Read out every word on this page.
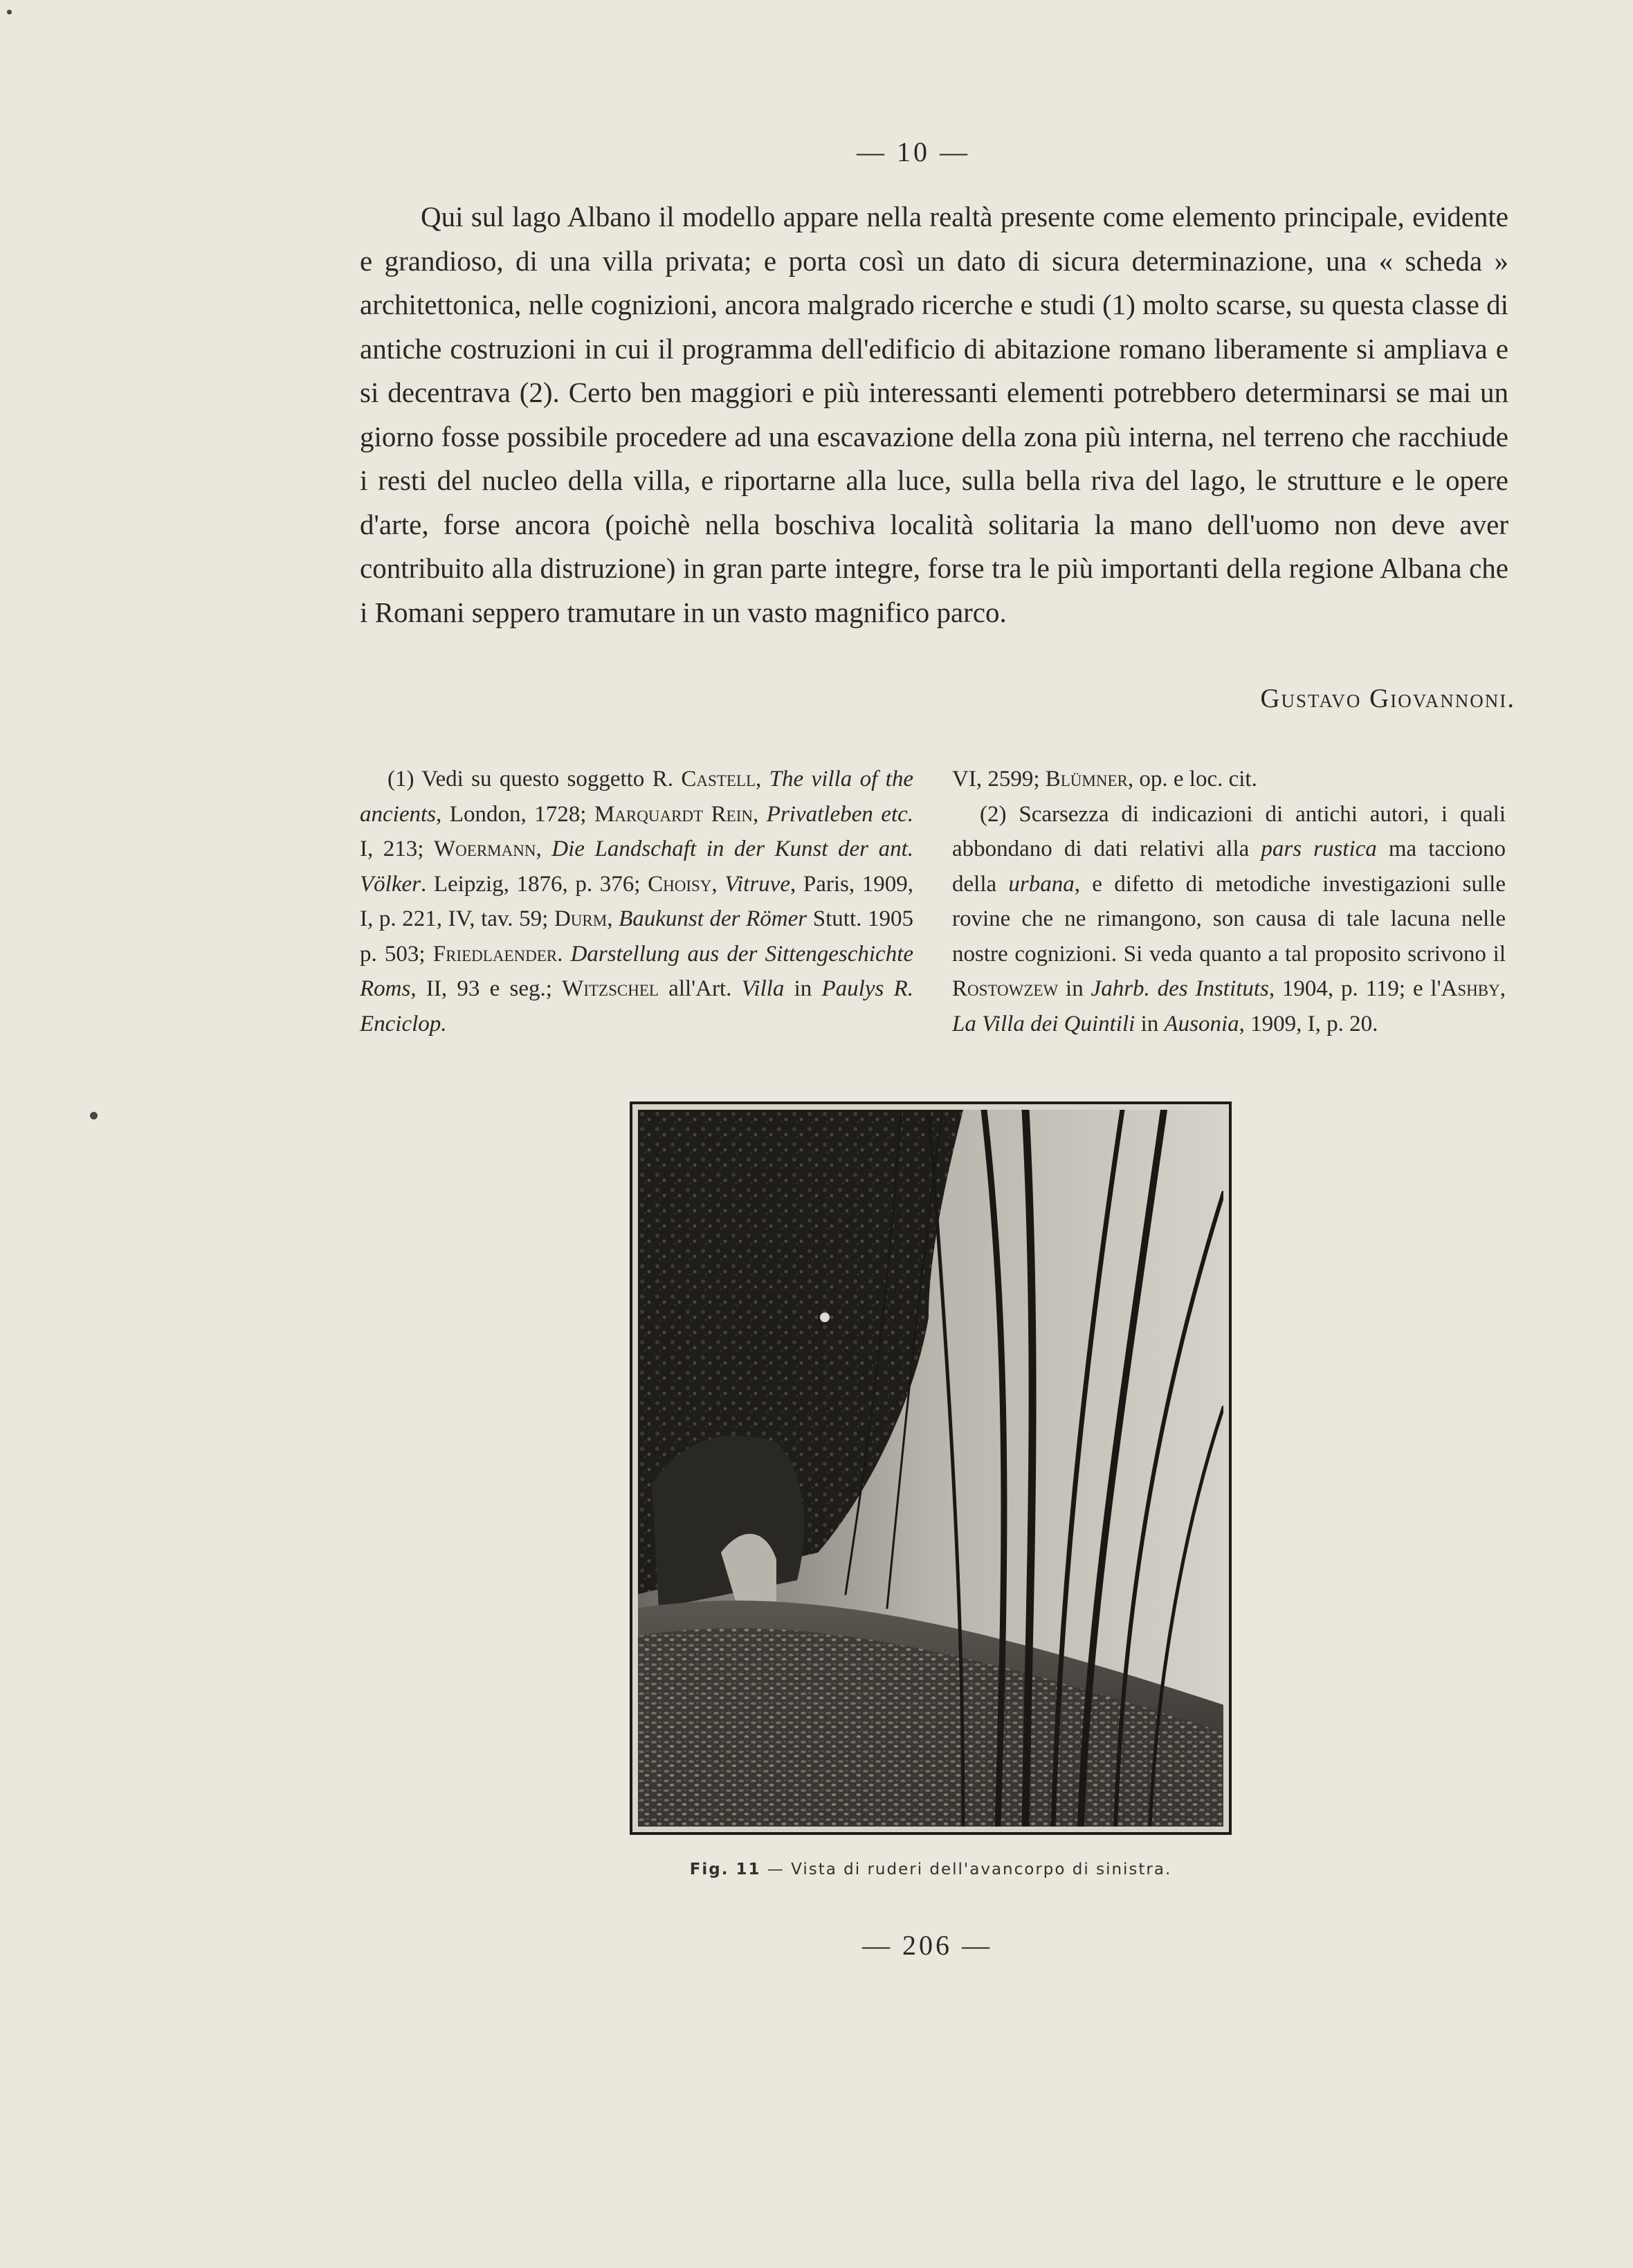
— 10 —

Qui sul lago Albano il modello appare nella realtà presente come elemento principale, evidente e grandioso, di una villa privata; e porta così un dato di sicura determinazione, una « scheda » architettonica, nelle cognizioni, ancora malgrado ricerche e studi (1) molto scarse, su questa classe di antiche costruzioni in cui il programma dell'edificio di abitazione romano liberamente si ampliava e si decentrava (2). Certo ben maggiori e più interessanti elementi potrebbero determinarsi se mai un giorno fosse possibile procedere ad una escavazione della zona più interna, nel terreno che racchiude i resti del nucleo della villa, e riportarne alla luce, sulla bella riva del lago, le strutture e le opere d'arte, forse ancora (poichè nella boschiva località solitaria la mano dell'uomo non deve aver contribuito alla distruzione) in gran parte integre, forse tra le più importanti della regione Albana che i Romani seppero tramutare in un vasto magnifico parco.

Gustavo Giovannoni.

(1) Vedi su questo soggetto R. Castell, The villa of the ancients, London, 1728; Marquardt Rein, Privatleben etc. I, 213; Woermann, Die Landschaft in der Kunst der ant. Völker. Leipzig, 1876, p. 376; Choisy, Vitruve, Paris, 1909, I, p. 221, IV, tav. 59; Durm, Baukunst der Römer Stutt. 1905 p. 503; Friedlaender. Darstellung aus der Sittengeschichte Roms, II, 93 e seg.; Witzschel all'Art. Villa in Paulys R. Enciclop.

VI, 2599; Blümner, op. e loc. cit.

(2) Scarsezza di indicazioni di antichi autori, i quali abbondano di dati relativi alla pars rustica ma tacciono della urbana, e difetto di metodiche investigazioni sulle rovine che ne rimangono, son causa di tale lacuna nelle nostre cognizioni. Si veda quanto a tal proposito scrivono il Rostowzew in Jahrb. des Instituts, 1904, p. 119; e l'Ashby, La Villa dei Quintili in Ausonia, 1909, I, p. 20.

Fig. 11 — Vista di ruderi dell'avancorpo di sinistra.
— 206 —
